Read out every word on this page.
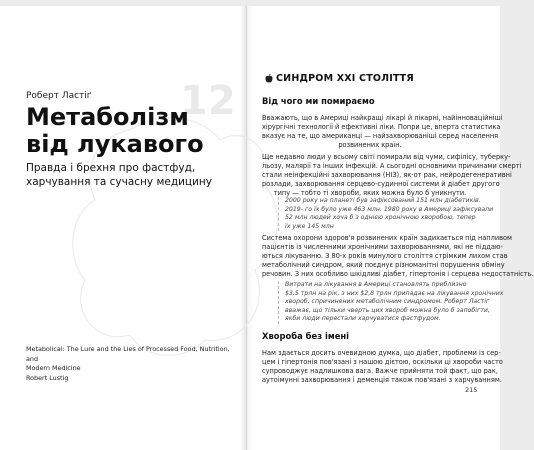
12
Роберт Ластіґ
Метаболізм
від лукавого
Правда і брехня про фастфуд,
харчування та сучасну медицину
Metabolical: The Lure and the Lies of Processed Food, Nutrition, and
Modern Medicine
Robert Lustig
СИНДРОМ XXI СТОЛІТТЯ
Від чого ми помираємо
Вважають, що в Америці найкращі лікарі й лікарні, найінноваційніші
хірургічні технології й ефективні ліки. Попри це, вперта статистика
вказує на те, що американці — найзахворюваніші серед населення
розвинених країн.
Ще недавно люди у всьому світі помирали від чуми, сифілісу, туберку-
льозу, малярії та інших інфекцій. А сьогодні основними причинами смерті
стали неінфекційні захворювання (НІЗ), як-от рак, нейродегенеративні
розлади, захворювання серцево-судинної системи й діабет другого
типу — тобто ті хвороби, яких можна було б уникнути.
2000 року на планеті був зафіксований 151 млн діабетиків.
2019- го їх було уже 463 млн. 1980 року в Америці зафіксували
52 млн людей хоча б з однією хронічною хворобою, тепер
їх уже 145 млн
Система охорони здоров'я розвинених країн задихається під напливом
пацієнтів із численними хронічними захворюваннями, які не піддаю-
ються лікуванню. З 80-х років минулого століття стрімким лихом став
метаболічний синдром, який поєднує різноманітні порушення обміну
речовин. З них особливо шкідливі діабет, гіпертонія і серцева недостатність.
Витрати на лікування в Америці становлять приблизно
$3,5 трлн на рік, з них $2,8 трлн припадає на лікування хронічних
хвороб, спричинених метаболічним синдромом. Роберт Ластіґ
вважає, що тільки чверть цих хвороб можна було б запобігти,
якби люди перестали харчуватися фастфудом.
Хвороба без імені
Нам здається досить очевидною думка, що діабет, проблеми із сер-
цем і гіпертонія пов'язані з нашою дієтою, оскільки ці хвороби часто
супроводжує надлишкова вага. Важче прийняти той факт, що рак,
аутоімунні захворювання і деменція також пов'язані з харчуванням.
215
